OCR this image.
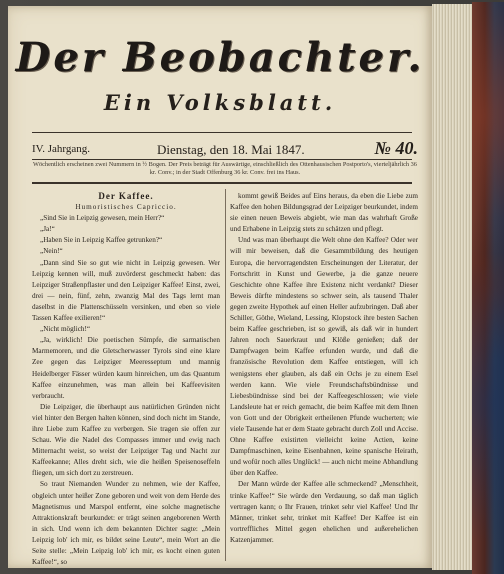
Der Beobachter.
Ein Volksblatt.
IV. Jahrgang.	Dienstag, den 18. Mai 1847.	№ 40.
Wöchentlich erscheinen zwei Nummern in ½ Bogen. Der Preis beträgt für Auswärtige, einschließlich des Ottenhausischen Postporto's, vierteljährlich 36 kr. Conv.; in der Stadt Offenburg 36 kr. Conv. frei ins Haus.

Der Kaffee.

Humoristisches Capriccio.

„Sind Sie in Leipzig gewesen, mein Herr?“

„Ja!“

„Haben Sie in Leipzig Kaffee getrunken?“

„Nein!“

„Dann sind Sie so gut wie nicht in Leipzig gewesen. Wer Leipzig kennen will, muß zuvörderst geschmeckt haben: das Leipziger Straßenpflaster und den Leipziger Kaffee! Einst, zwei, drei — nein, fünf, zehn, zwanzig Mal des Tags lernt man daselbst in die Plattenschüsseln versinken, und eben so viele Tassen Kaffee exilieren!“

„Nicht möglich!“

„Ja, wirklich! Die poetischen Sümpfe, die sarmatischen Marmemoren, und die Gletscherwasser Tyrols sind eine klare Zee gegen das Leipziger Meeresseptum und mannig Heidelberger Fässer würden kaum hinreichen, um das Quantum Kaffee einzunehmen, was man allein bei Kaffeevisiten verbraucht.

Die Leipziger, die überhaupt aus natürlichen Gründen nicht viel hinter den Bergen halten können, sind doch nicht im Stande, ihre Liebe zum Kaffee zu verbergen. Sie tragen sie offen zur Schau. Wie die Nadel des Compasses immer und ewig nach Mitternacht weist, so weist der Leipziger Tag und Nacht zur Kaffeekanne; Alles dreht sich, wie die heißen Speisenoseffeln fliegen, um sich dort zu zerstreuen.

So traut Niemanden Wunder zu nehmen, wie der Kaffee, obgleich unter heißer Zone geboren und weit von dem Herde des Magnetismus und Marspol entfernt, eine solche magnetische Attraktionskraft beurkundet: er trägt seinen angeborenen Werth in sich. Und wenn ich dem bekannten Dichter sagte: „Mein Leipzig lob' ich mir, es bildet seine Leute“, mein Wort an die Seite stelle: „Mein Leipzig lob' ich mir, es kocht einen guten Kaffee!“, so

kommt gewiß Beides auf Eins heraus, da eben die Liebe zum Kaffee den hohen Bildungsgrad der Leipziger beurkundet, indem sie einen neuen Beweis abgiebt, wie man das wahrhaft Große und Erhabene in Leipzig stets zu schätzen und pflegt.

Und was man überhaupt die Welt ohne den Kaffee? Oder wer will mir beweisen, daß die Gesammtbildung des heutigen Europa, die hervorragendsten Erscheinungen der Literatur, der Fortschritt in Kunst und Gewerbe, ja die ganze neuere Geschichte ohne Kaffee ihre Existenz nicht verdankt? Dieser Beweis dürfte mindestens so schwer sein, als tausend Thaler gegen zweite Hypothek auf einen Heller aufzubringen. Daß aber Schiller, Göthe, Wieland, Lessing, Klopstock ihre besten Sachen beim Kaffee geschrieben, ist so gewiß, als daß wir in hundert Jahren noch Sauerkraut und Klöße genießen; daß der Dampfwagen beim Kaffee erfunden wurde, und daß die französische Revolution dem Kaffee entstiegen, will ich wenigstens eher glauben, als daß ein Ochs je zu einem Esel werden kann. Wie viele Freundschaftsbündnisse und Liebesbündnisse sind bei der Kaffeegeschlossen; wie viele Landsleute hat er reich gemacht, die beim Kaffee mit dem Ihnen von Gott und der Obrigkeit ertheilenen Pfunde wucherten; wie viele Tausende hat er dem Staate gebracht durch Zoll und Accise. Ohne Kaffee existirten vielleicht keine Actien, keine Dampfmaschinen, keine Eisenbahnen, keine spanische Heirath, und wofür noch alles Unglück! — auch nicht meine Abhandlung über den Kaffee.

Der Mann würde der Kaffee alle schmeckend? „Menschheit, trinke Kaffee!“ Sie würde den Verdauung, so daß man täglich vertragen kann; o Ihr Frauen, trinket sehr viel Kaffee! Und Ihr Männer, trinket sehr, trinket mit Kaffee! Der Kaffee ist ein vortreffliches Mittel gegen ehelichen und außerehelichen Katzenjammer.
